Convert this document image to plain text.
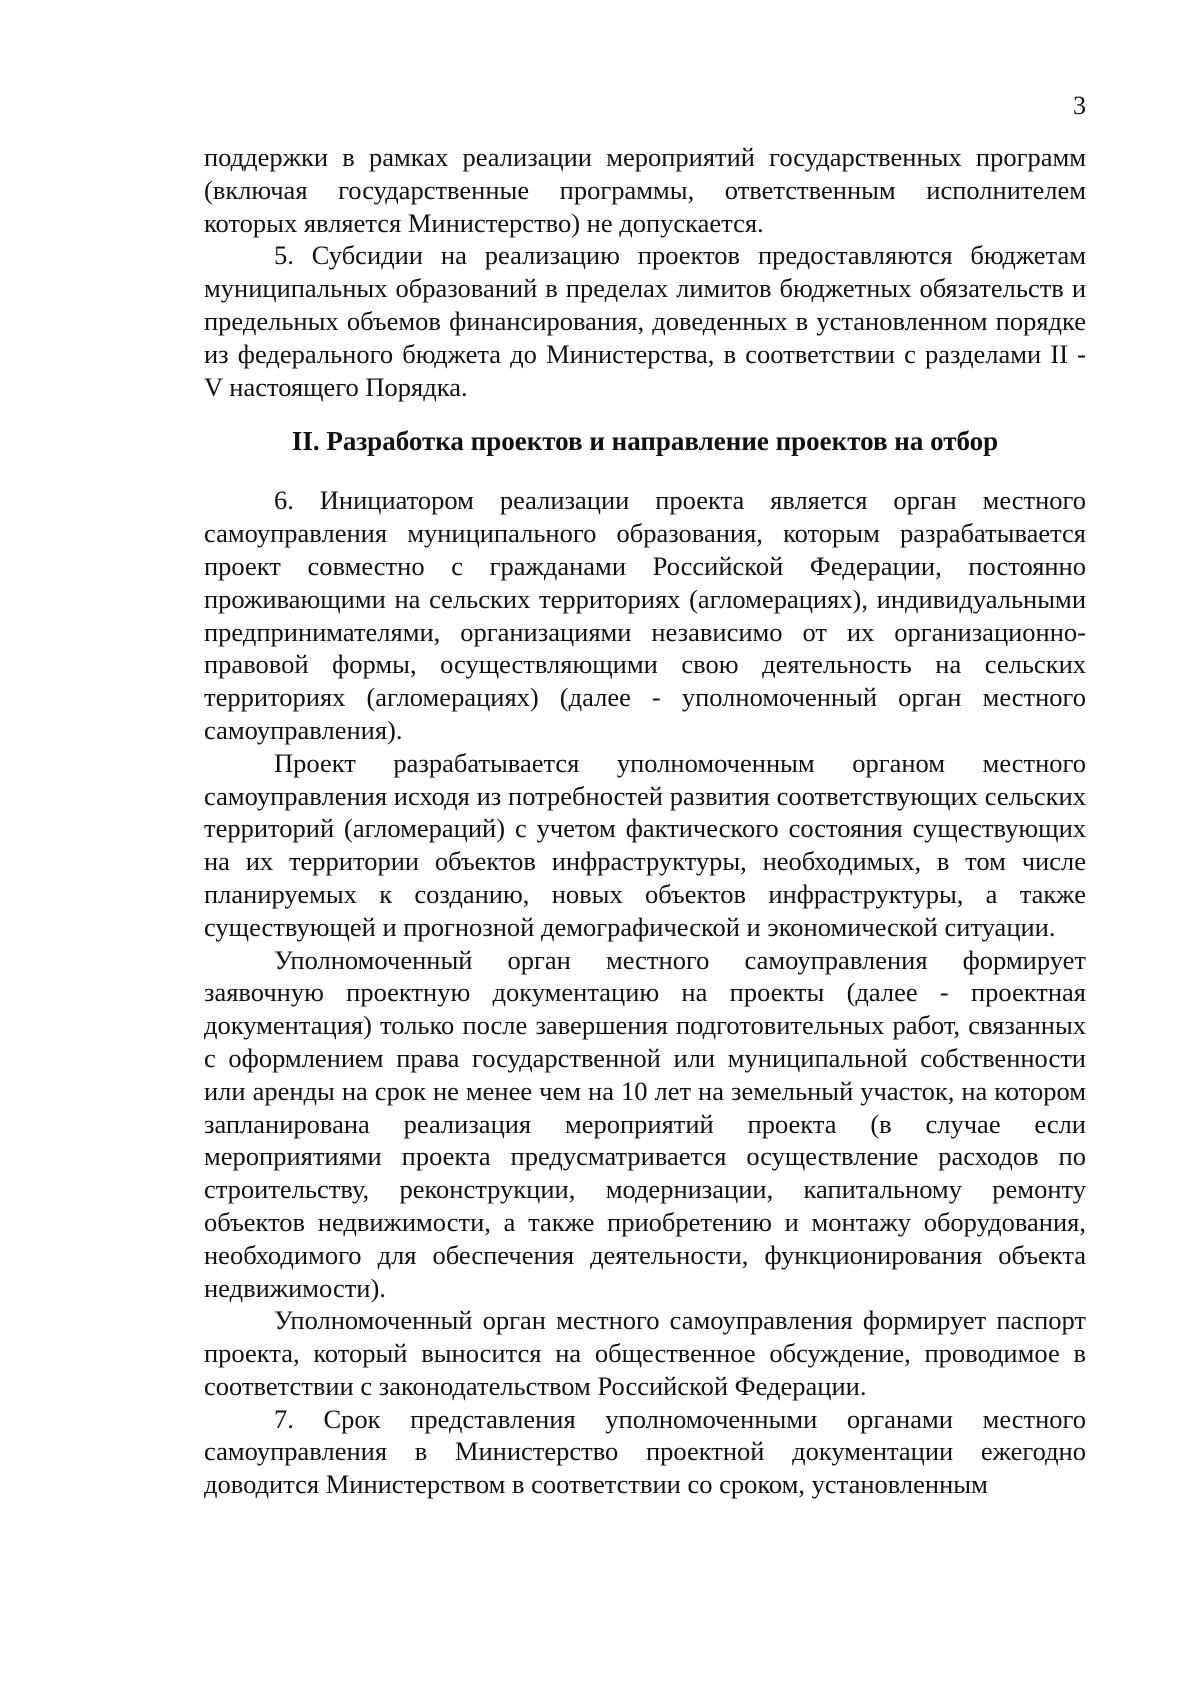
3

поддержки в рамках реализации мероприятий государственных программ (включая государственные программы, ответственным исполнителем которых является Министерство) не допускается.

5. Субсидии на реализацию проектов предоставляются бюджетам муниципальных образований в пределах лимитов бюджетных обязательств и предельных объемов финансирования, доведенных в установленном порядке из федерального бюджета до Министерства, в соответствии с разделами II - V настоящего Порядка.

II. Разработка проектов и направление проектов на отбор

6. Инициатором реализации проекта является орган местного самоуправления муниципального образования, которым разрабатывается проект совместно с гражданами Российской Федерации, постоянно проживающими на сельских территориях (агломерациях), индивидуальными предпринимателями, организациями независимо от их организационно-правовой формы, осуществляющими свою деятельность на сельских территориях (агломерациях) (далее - уполномоченный орган местного самоуправления).

Проект разрабатывается уполномоченным органом местного самоуправления исходя из потребностей развития соответствующих сельских территорий (агломераций) с учетом фактического состояния существующих на их территории объектов инфраструктуры, необходимых, в том числе планируемых к созданию, новых объектов инфраструктуры, а также существующей и прогнозной демографической и экономической ситуации.

Уполномоченный орган местного самоуправления формирует заявочную проектную документацию на проекты (далее - проектная документация) только после завершения подготовительных работ, связанных с оформлением права государственной или муниципальной собственности или аренды на срок не менее чем на 10 лет на земельный участок, на котором запланирована реализация мероприятий проекта (в случае если мероприятиями проекта предусматривается осуществление расходов по строительству, реконструкции, модернизации, капитальному ремонту объектов недвижимости, а также приобретению и монтажу оборудования, необходимого для обеспечения деятельности, функционирования объекта недвижимости).

Уполномоченный орган местного самоуправления формирует паспорт проекта, который выносится на общественное обсуждение, проводимое в соответствии с законодательством Российской Федерации.

7. Срок представления уполномоченными органами местного самоуправления в Министерство проектной документации ежегодно доводится Министерством в соответствии со сроком, установленным
